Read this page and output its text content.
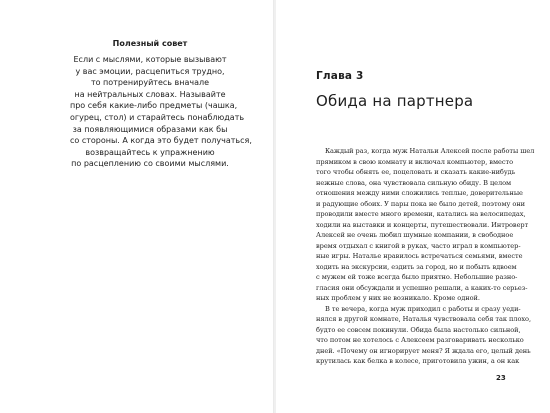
Полезный совет
Если с мыслями, которые вызывают
у вас эмоции, расцепиться трудно,
то потренируйтесь вначале
на нейтральных словах. Называйте
про себя какие-либо предметы (чашка,
огурец, стол) и старайтесь понаблюдать
за появляющимися образами как бы
со стороны. А когда это будет получаться,
возвращайтесь к упражнению
по расцеплению со своими мыслями.
Глава 3
Обида на партнера
Каждый раз, когда муж Натальи Алексей после работы шел
прямиком в свою комнату и включал компьютер, вместо
того чтобы обнять ее, поцеловать и сказать какие-нибудь
нежные слова, она чувствовала сильную обиду. В целом
отношения между ними сложились теплые, доверительные
и радующие обоих. У пары пока не было детей, поэтому они
проводили вместе много времени, катались на велосипедах,
ходили на выставки и концерты, путешествовали. Интроверт
Алексей не очень любил шумные компании, в свободное
время отдыхал с книгой в руках, часто играл в компьютер-
ные игры. Наталье нравилось встречаться семьями, вместе
ходить на экскурсии, ездить за город, но и побыть вдвоем
с мужем ей тоже всегда было приятно. Небольшие разно-
гласия они обсуждали и успешно решали, а каких-то серьез-
ных проблем у них не возникало. Кроме одной.
В те вечера, когда муж приходил с работы и сразу уеди-
нялся в другой комнате, Наталья чувствовала себя так плохо,
будто ее совсем покинули. Обида была настолько сильной,
что потом не хотелось с Алексеем разговаривать несколько
дней. «Почему он игнорирует меня? Я ждала его, целый день
крутилась как белка в колесе, приготовила ужин, а он как
23
